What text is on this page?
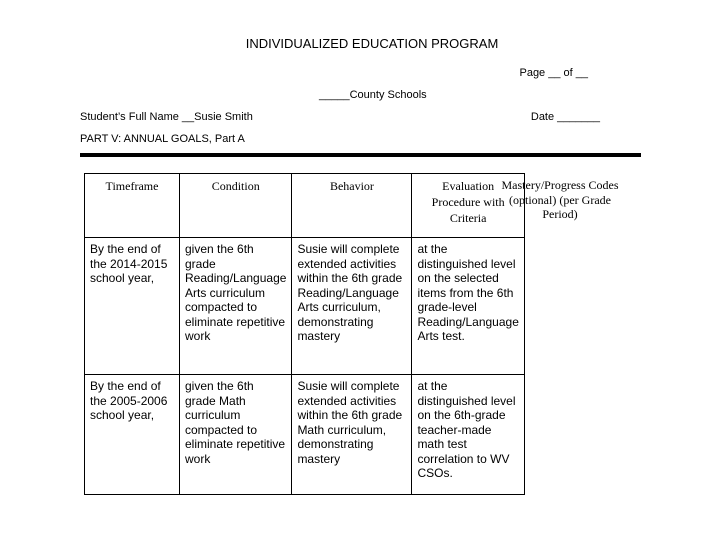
INDIVIDUALIZED EDUCATION PROGRAM
Page __ of __
_____County Schools
Student’s Full Name __Susie Smith	Date _______
PART V: ANNUAL GOALS, Part A
Timeframe	Condition	Behavior	Evaluation Procedure with Criteria
By the end of the 2014-2015 school year,	given the 6th grade Reading/Language Arts curriculum compacted to eliminate repetitive work	Susie will complete extended activities within the 6th grade Reading/Language Arts curriculum, demonstrating mastery	at the distinguished level on the selected items from the 6th grade-level Reading/Language Arts test.
By the end of the 2005-2006 school year,	given the 6th grade Math curriculum compacted to eliminate repetitive work	Susie will complete extended activities within the 6th grade Math curriculum, demonstrating mastery	at the distinguished level on the 6th-grade teacher-made math test correlation to WV CSOs.
Mastery/Progress Codes (optional) (per Grade Period)
